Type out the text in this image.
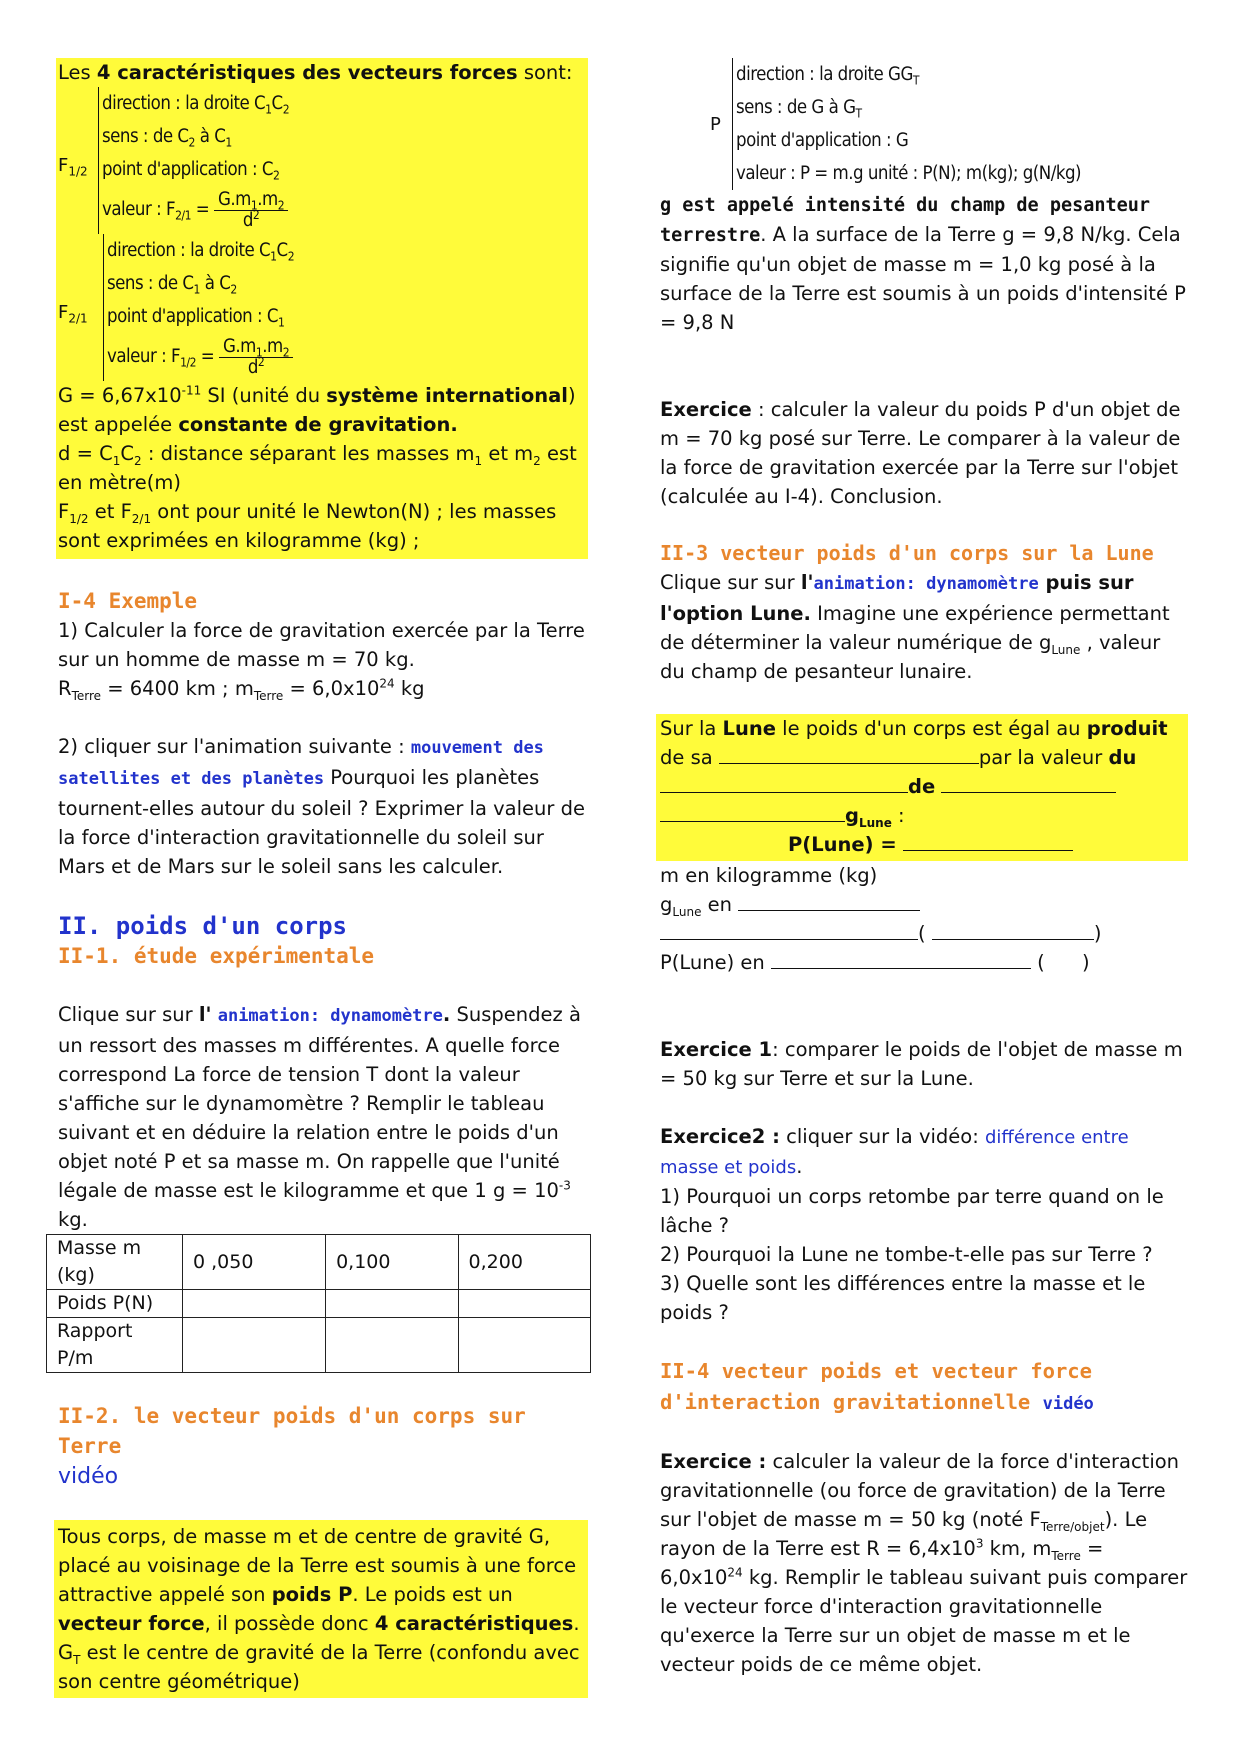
Les 4 caractéristiques des vecteurs forces sont:

$F_{1/2}$
direction : la droite $C_1C_2$
sens : de $C_2$ à $C_1$
point d'application : $C_2$
valeur : $F_{2/1} = \frac{G.m_1.m_2}{d^2}$
$F_{2/1}$
direction : la droite $C_1C_2$
sens : de $C_1$ à $C_2$
point d'application : $C_1$
valeur : $F_{1/2} = \frac{G.m_1.m_2}{d^2}$

$G = 6,67x10^{-11}$ SI (unité du système international) est appelée constante de gravitation.

$d = C_1C_2$ : distance séparant les masses $m_1$ et $m_2$ est en mètre(m)

$F_{1/2}$ et $F_{2/1}$ ont pour unité le Newton(N) ; les masses sont exprimées en kilogramme (kg) ;

I-4 Exemple

1) Calculer la force de gravitation exercée par la Terre sur un homme de masse m = 70 kg.

$R_{Terre} = 6400$ km ; $m_{Terre} = 6,0x10^{24}$ kg

2) cliquer sur l'animation suivante : mouvement des satellites et des planètes Pourquoi les planètes tournent-elles autour du soleil ? Exprimer la valeur de la force d'interaction gravitationnelle du soleil sur Mars et de Mars sur le soleil sans les calculer.

II. poids d'un corps

II-1. étude expérimentale

Clique sur sur l' animation: dynamomètre. Suspendez à un ressort des masses m différentes. A quelle force correspond La force de tension T dont la valeur s'affiche sur le dynamomètre ? Remplir le tableau suivant et en déduire la relation entre le poids d'un objet noté P et sa masse m. On rappelle que l'unité légale de masse est le kilogramme et que 1 $g = 10^{-3}$ kg.

Masse m (kg)	0 ,050	0,100	0,200
Poids P(N)			
Rapport P/m			

II-2. le vecteur poids d'un corps sur Terre
vidéo

Tous corps, de masse m et de centre de gravité G, placé au voisinage de la Terre est soumis à une force attractive appelé son poids P. Le poids est un vecteur force, il possède donc 4 caractéristiques. $G_T$ est le centre de gravité de la Terre (confondu avec son centre géométrique)

P
direction : la droite $GG_T$
sens : de G à $G_T$
point d'application : G
valeur : P = m.g unité : P(N); m(kg); g(N/kg)

g est appelé intensité du champ de pesanteur terrestre. A la surface de la Terre g = 9,8 N/kg. Cela signifie qu'un objet de masse m = 1,0 kg posé à la surface de la Terre est soumis à un poids d'intensité P = 9,8 N

Exercice : calculer la valeur du poids P d'un objet de m = 70 kg posé sur Terre. Le comparer à la valeur de la force de gravitation exercée par la Terre sur l'objet (calculée au I-4). Conclusion.

II-3 vecteur poids d'un corps sur la Lune

Clique sur sur l'animation: dynamomètre puis sur l'option Lune. Imagine une expérience permettant de déterminer la valeur numérique de $g_{Lune}$ , valeur du champ de pesanteur lunaire.

Sur la Lune le poids d'un corps est égal au produit de sa	par la valeur du

de

$g_{Lune}$ :

P(Lune) =

m en kilogramme (kg)

$g_{Lune}$ en

(	)

P(Lune) en	(      )

Exercice 1: comparer le poids de l'objet de masse m = 50 kg sur Terre et sur la Lune.

Exercice2 : cliquer sur la vidéo: différence entre masse et poids.

1) Pourquoi un corps retombe par terre quand on le lâche ?

2) Pourquoi la Lune ne tombe-t-elle pas sur Terre ?

3) Quelle sont les différences entre la masse et le poids ?

II-4 vecteur poids et vecteur force d'interaction gravitationnelle vidéo

Exercice : calculer la valeur de la force d'interaction gravitationnelle (ou force de gravitation) de la Terre sur l'objet de masse m = 50 kg (noté $F_{Terre/objet}$). Le rayon de la Terre est $R = 6,4x10^3$ km, $m_{Terre} = 6,0x10^{24}$ kg. Remplir le tableau suivant puis comparer le vecteur force d'interaction gravitationnelle qu'exerce la Terre sur un objet de masse m et le vecteur poids de ce même objet.
